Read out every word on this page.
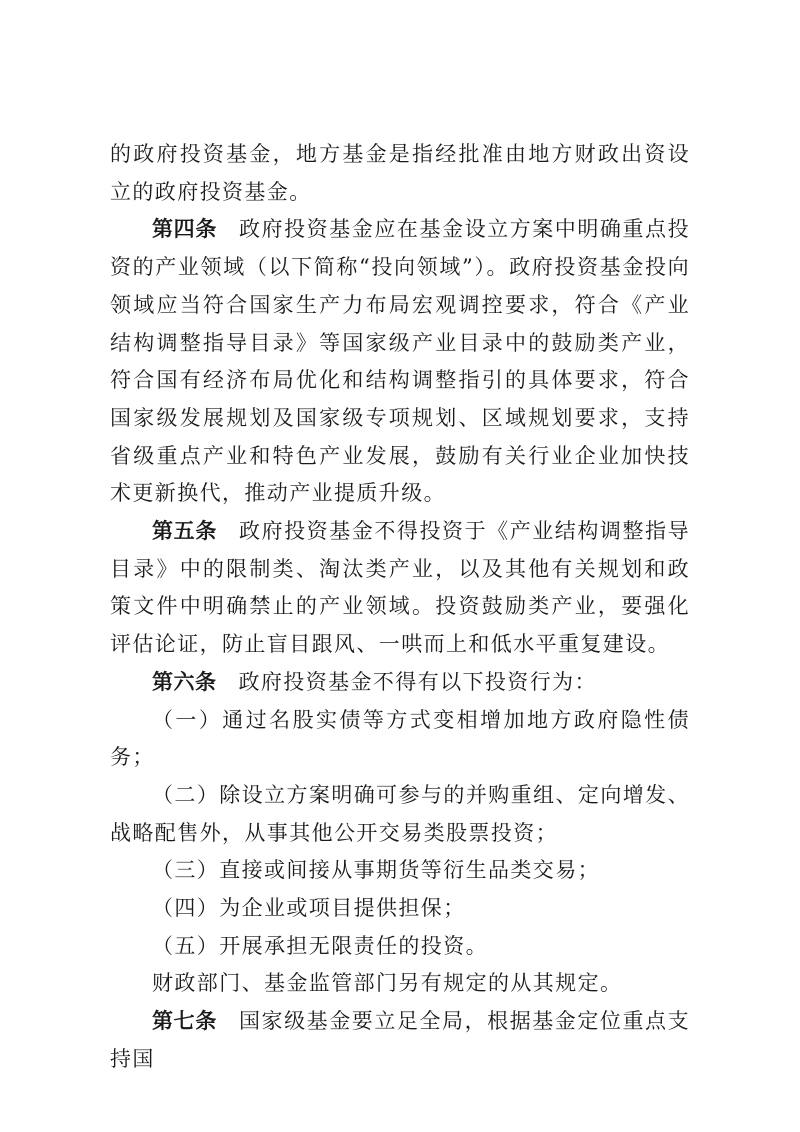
的政府投资基金，地方基金是指经批准由地方财政出资设立的政府投资基金。

第四条 政府投资基金应在基金设立方案中明确重点投资的产业领域（以下简称“投向领域”）。政府投资基金投向领域应当符合国家生产力布局宏观调控要求，符合《产业结构调整指导目录》等国家级产业目录中的鼓励类产业，符合国有经济布局优化和结构调整指引的具体要求，符合国家级发展规划及国家级专项规划、区域规划要求，支持省级重点产业和特色产业发展，鼓励有关行业企业加快技术更新换代，推动产业提质升级。

第五条 政府投资基金不得投资于《产业结构调整指导目录》中的限制类、淘汰类产业，以及其他有关规划和政策文件中明确禁止的产业领域。投资鼓励类产业，要强化评估论证，防止盲目跟风、一哄而上和低水平重复建设。

第六条 政府投资基金不得有以下投资行为：

（一）通过名股实债等方式变相增加地方政府隐性债务；

（二）除设立方案明确可参与的并购重组、定向增发、战略配售外，从事其他公开交易类股票投资；

（三）直接或间接从事期货等衍生品类交易；

（四）为企业或项目提供担保；

（五）开展承担无限责任的投资。

财政部门、基金监管部门另有规定的从其规定。

第七条 国家级基金要立足全局，根据基金定位重点支持国
